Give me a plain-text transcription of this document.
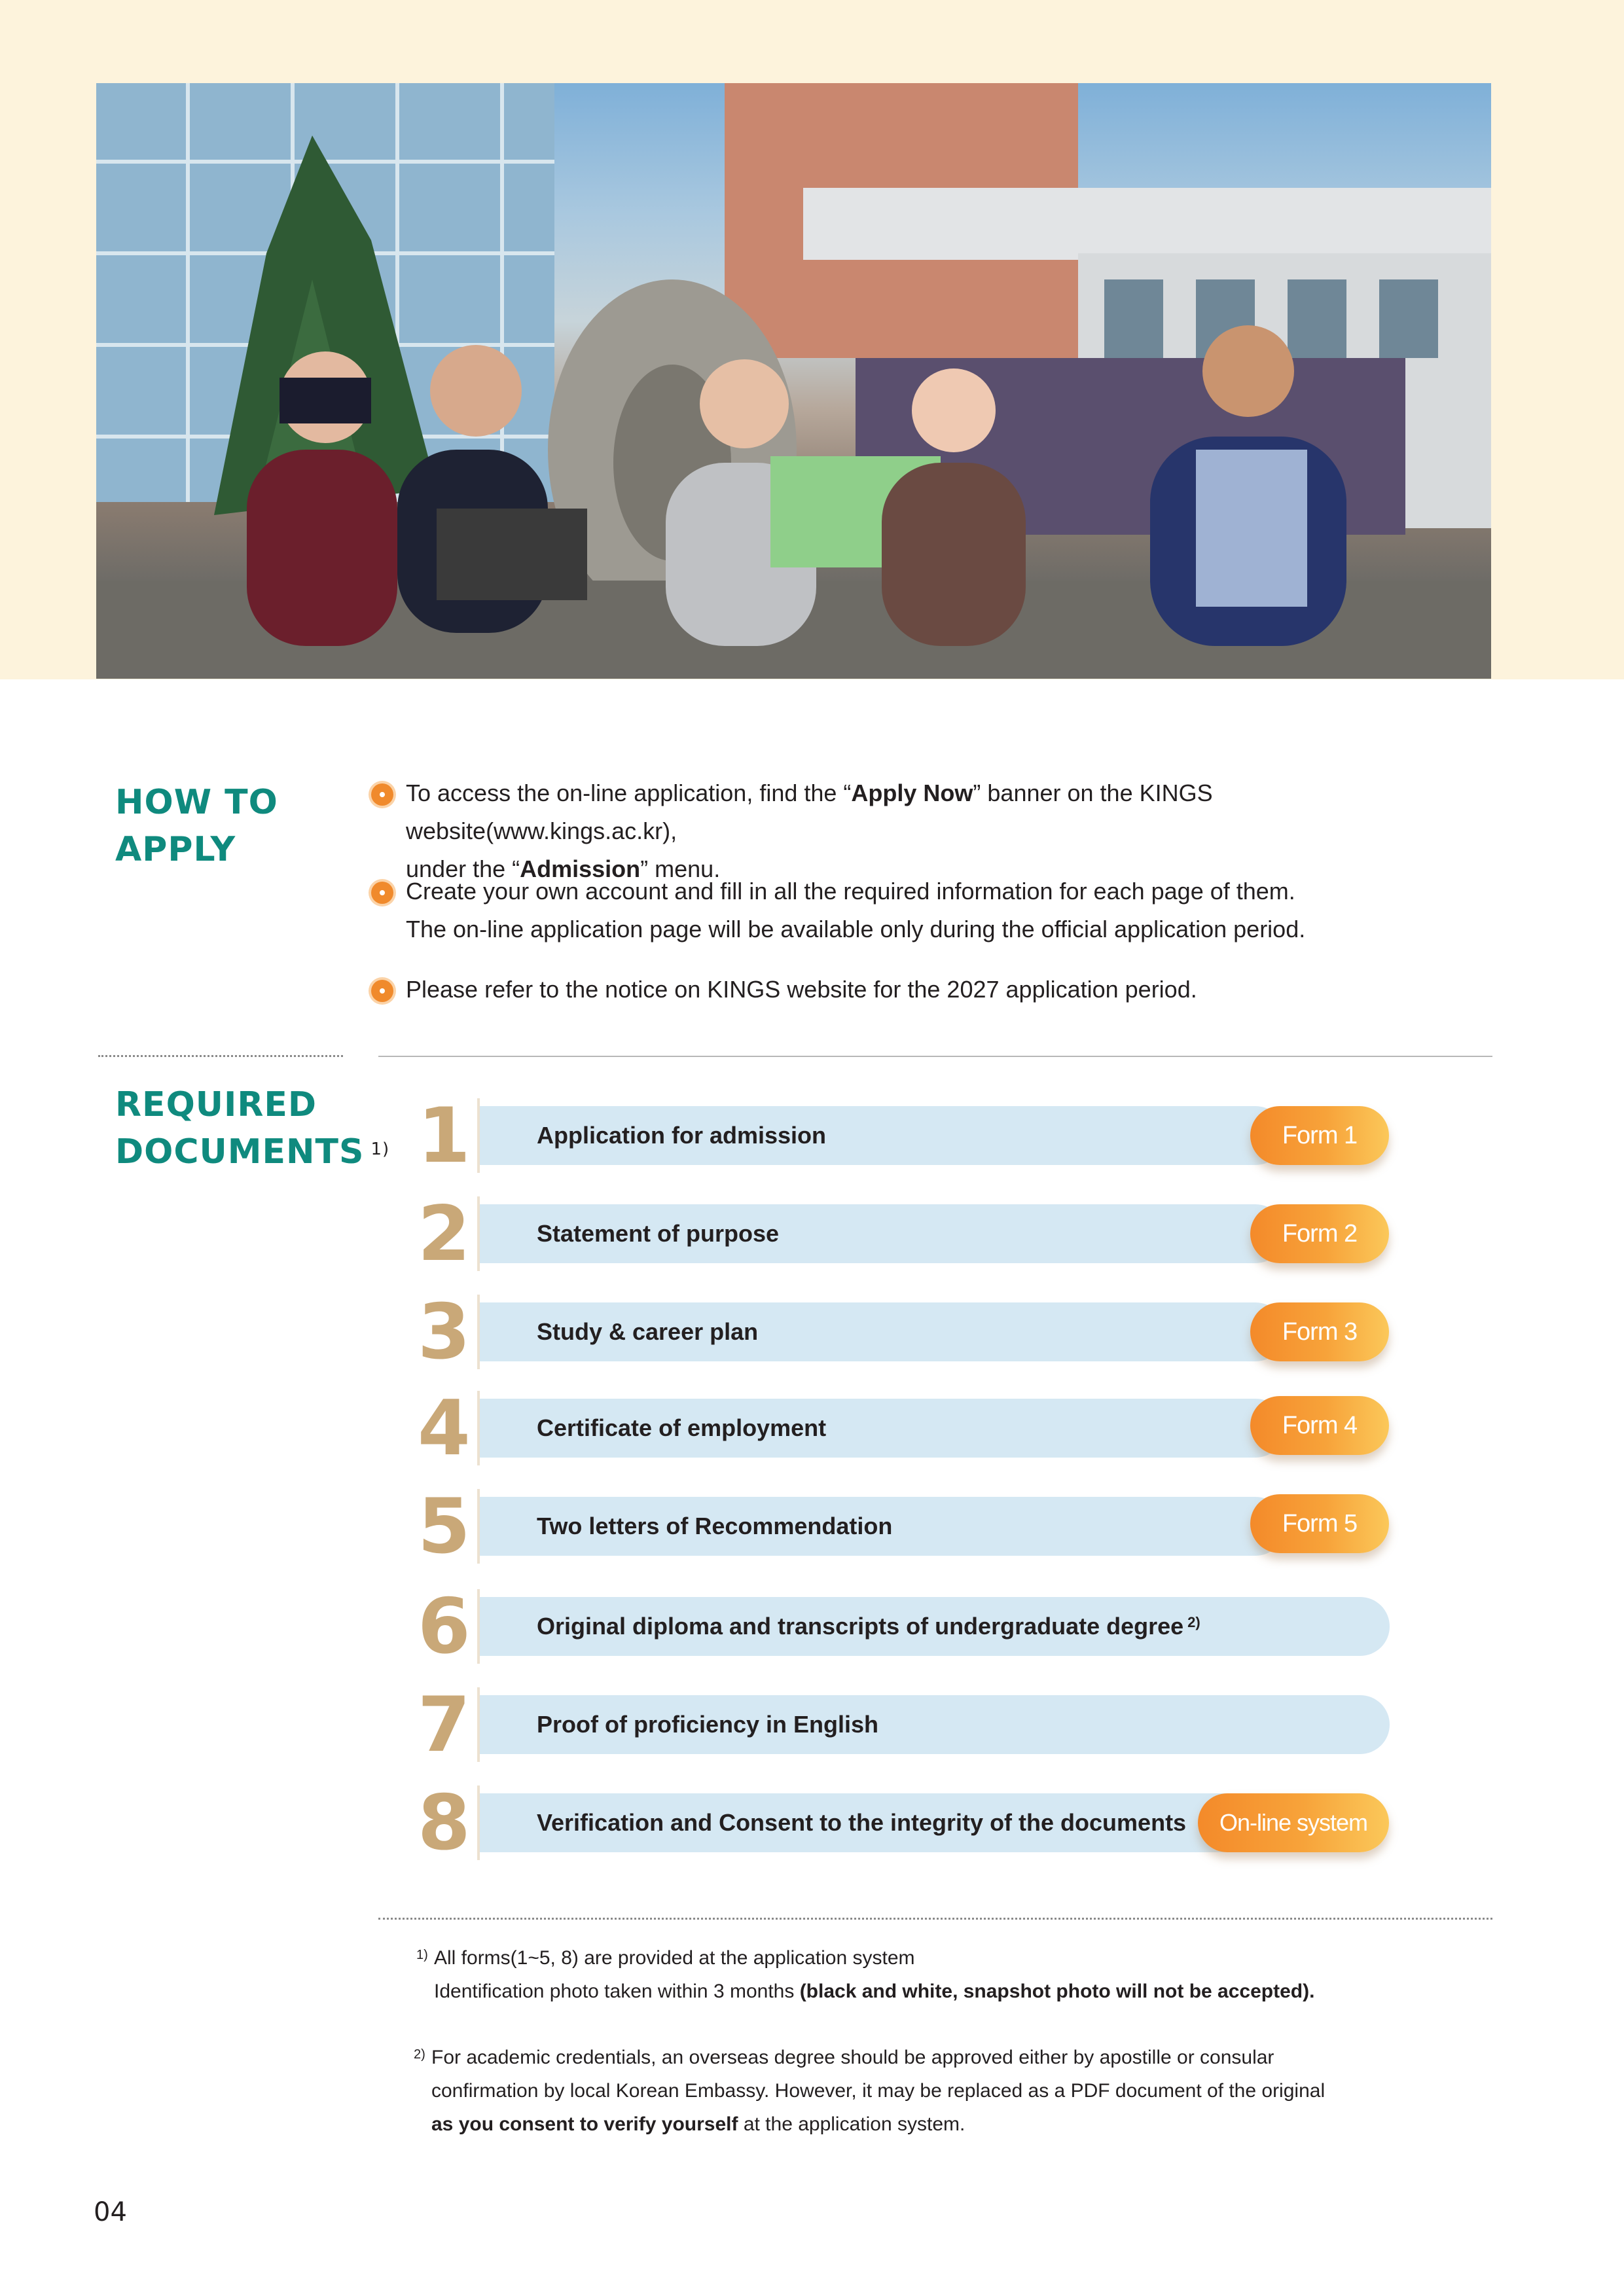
HOW TO
APPLY
To access the on-line application, find the “Apply Now” banner on the KINGS website(www.kings.ac.kr),
under the “Admission” menu.
Create your own account and fill in all the required information for each page of them.
The on-line application page will be available only during the official application period.
Please refer to the notice on KINGS website for the 2027 application period.
REQUIRED
DOCUMENTS $^{1)}$ 1	Application for admission	Form 1
2	Statement of purpose	Form 2
3	Study & career plan	Form 3
4	Certificate of employment	Form 4
5	Two letters of Recommendation	Form 5
6	Original diploma and transcripts of undergraduate degree $^{2)}$
7	Proof of proficiency in English
8	Verification and Consent to the integrity of the documents	On-line system
1) All forms(1~5, 8) are provided at the application system
Identification photo taken within 3 months (black and white, snapshot photo will not be accepted).
2) For academic credentials, an overseas degree should be approved either by apostille or consular
confirmation by local Korean Embassy. However, it may be replaced as a PDF document of the original
as you consent to verify yourself at the application system.
04
